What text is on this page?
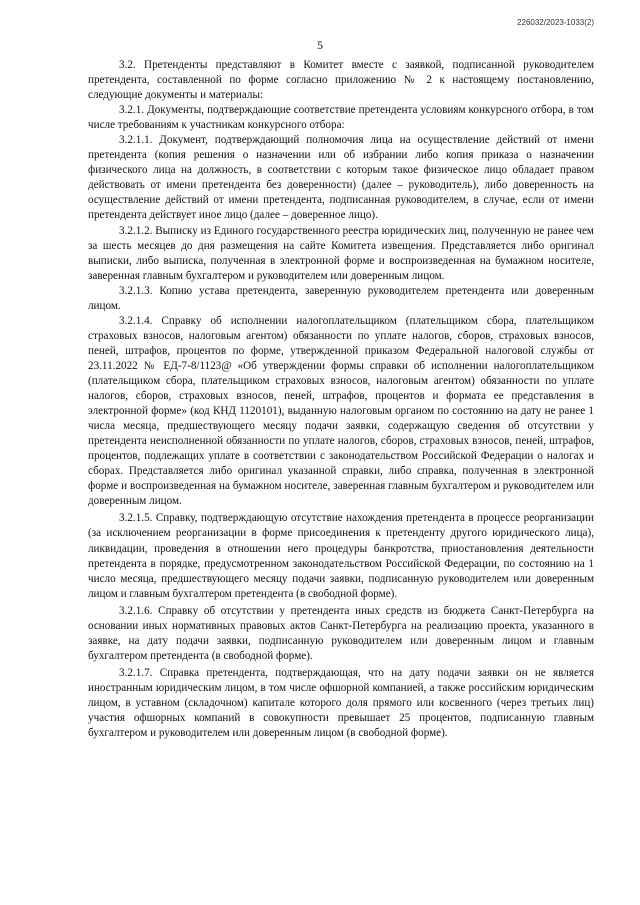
226032/2023-1033(2)
5

3.2. Претенденты представляют в Комитет вместе с заявкой, подписанной руководителем претендента, составленной по форме согласно приложению № 2 к настоящему постановлению, следующие документы и материалы:

3.2.1. Документы, подтверждающие соответствие претендента условиям конкурсного отбора, в том числе требованиям к участникам конкурсного отбора:

3.2.1.1. Документ, подтверждающий полномочия лица на осуществление действий от имени претендента (копия решения о назначении или об избрании либо копия приказа о назначении физического лица на должность, в соответствии с которым такое физическое лицо обладает правом действовать от имени претендента без доверенности) (далее – руководитель), либо доверенность на осуществление действий от имени претендента, подписанная руководителем, в случае, если от имени претендента действует иное лицо (далее – доверенное лицо).

3.2.1.2. Выписку из Единого государственного реестра юридических лиц, полученную не ранее чем за шесть месяцев до дня размещения на сайте Комитета извещения. Представляется либо оригинал выписки, либо выписка, полученная в электронной форме и воспроизведенная на бумажном носителе, заверенная главным бухгалтером и руководителем или доверенным лицом.

3.2.1.3. Копию устава претендента, заверенную руководителем претендента или доверенным лицом.

3.2.1.4. Справку об исполнении налогоплательщиком (плательщиком сбора, плательщиком страховых взносов, налоговым агентом) обязанности по уплате налогов, сборов, страховых взносов, пеней, штрафов, процентов по форме, утвержденной приказом Федеральной налоговой службы от 23.11.2022 № ЕД-7-8/1123@ «Об утверждении формы справки об исполнении налогоплательщиком (плательщиком сбора, плательщиком страховых взносов, налоговым агентом) обязанности по уплате налогов, сборов, страховых взносов, пеней, штрафов, процентов и формата ее представления в электронной форме» (код КНД 1120101), выданную налоговым органом по состоянию на дату не ранее 1 числа месяца, предшествующего месяцу подачи заявки, содержащую сведения об отсутствии у претендента неисполненной обязанности по уплате налогов, сборов, страховых взносов, пеней, штрафов, процентов, подлежащих уплате в соответствии с законодательством Российской Федерации о налогах и сборах. Представляется либо оригинал указанной справки, либо справка, полученная в электронной форме и воспроизведенная на бумажном носителе, заверенная главным бухгалтером и руководителем или доверенным лицом.

3.2.1.5. Справку, подтверждающую отсутствие нахождения претендента в процессе реорганизации (за исключением реорганизации в форме присоединения к претенденту другого юридического лица), ликвидации, проведения в отношении него процедуры банкротства, приостановления деятельности претендента в порядке, предусмотренном законодательством Российской Федерации, по состоянию на 1 число месяца, предшествующего месяцу подачи заявки, подписанную руководителем или доверенным лицом и главным бухгалтером претендента (в свободной форме).

3.2.1.6. Справку об отсутствии у претендента иных средств из бюджета Санкт-Петербурга на основании иных нормативных правовых актов Санкт-Петербурга на реализацию проекта, указанного в заявке, на дату подачи заявки, подписанную руководителем или доверенным лицом и главным бухгалтером претендента (в свободной форме).

3.2.1.7. Справка претендента, подтверждающая, что на дату подачи заявки он не является иностранным юридическим лицом, в том числе офшорной компанией, а также российским юридическим лицом, в уставном (складочном) капитале которого доля прямого или косвенного (через третьих лиц) участия офшорных компаний в совокупности превышает 25 процентов, подписанную главным бухгалтером и руководителем или доверенным лицом (в свободной форме).
